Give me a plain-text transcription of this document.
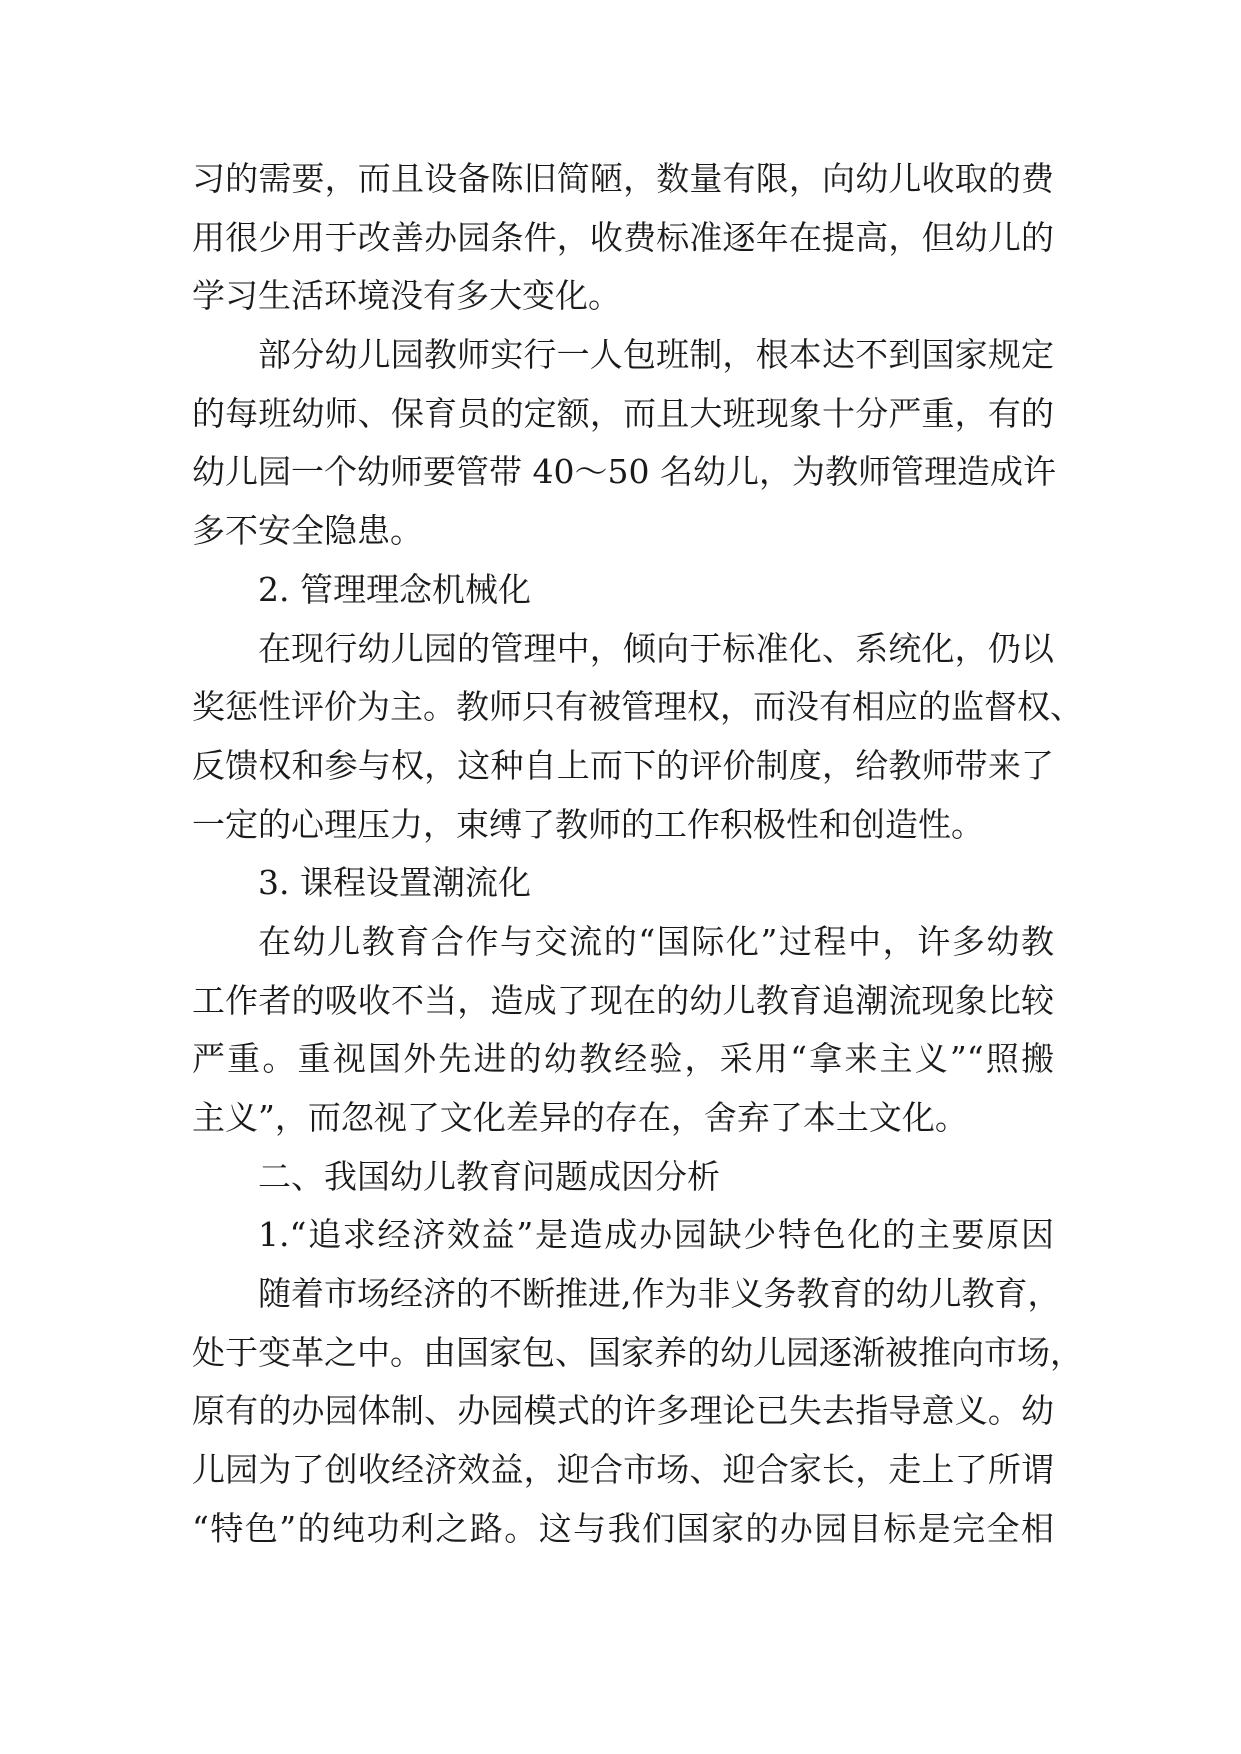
习的需要，而且设备陈旧简陋，数量有限，向幼儿收取的费
用很少用于改善办园条件，收费标准逐年在提高，但幼儿的
学习生活环境没有多大变化。
部分幼儿园教师实行一人包班制，根本达不到国家规定
的每班幼师、保育员的定额，而且大班现象十分严重，有的
幼儿园一个幼师要管带 40～50 名幼儿，为教师管理造成许
多不安全隐患。
2. 管理理念机械化
在现行幼儿园的管理中，倾向于标准化、系统化，仍以
奖惩性评价为主。教师只有被管理权，而没有相应的监督权、
反馈权和参与权，这种自上而下的评价制度，给教师带来了
一定的心理压力，束缚了教师的工作积极性和创造性。
3. 课程设置潮流化
在幼儿教育合作与交流的“国际化”过程中，许多幼教
工作者的吸收不当，造成了现在的幼儿教育追潮流现象比较
严重。重视国外先进的幼教经验，采用“拿来主义”“照搬
主义”，而忽视了文化差异的存在，舍弃了本土文化。
二、我国幼儿教育问题成因分析
1.“追求经济效益”是造成办园缺少特色化的主要原因
随着市场经济的不断推进,作为非义务教育的幼儿教育，
处于变革之中。由国家包、国家养的幼儿园逐渐被推向市场，
原有的办园体制、办园模式的许多理论已失去指导意义。幼
儿园为了创收经济效益，迎合市场、迎合家长，走上了所谓
“特色”的纯功利之路。这与我们国家的办园目标是完全相
